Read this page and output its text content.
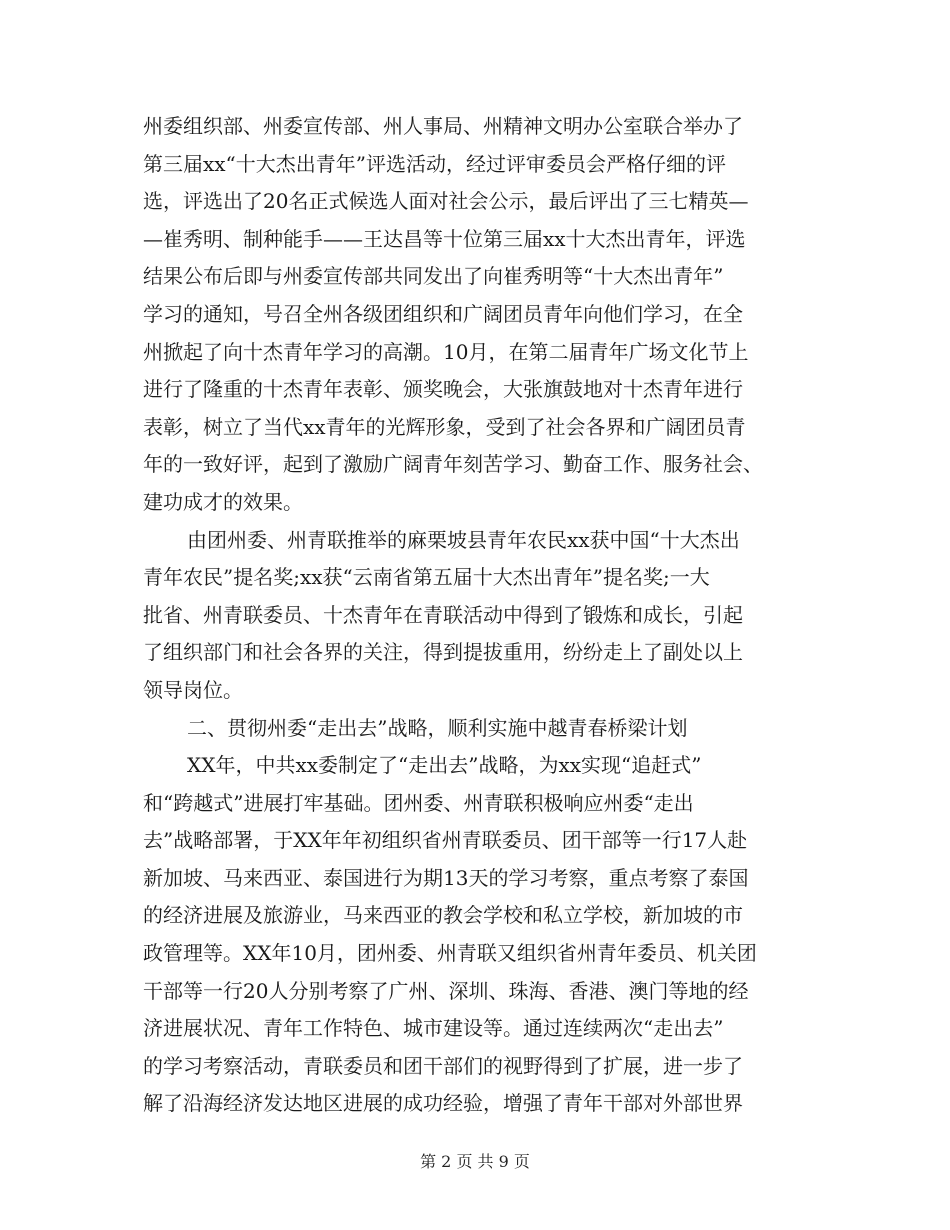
州委组织部、州委宣传部、州人事局、州精神文明办公室联合举办了
第三届xx“十大杰出青年”评选活动，经过评审委员会严格仔细的评
选，评选出了20名正式候选人面对社会公示，最后评出了三七精英—
—崔秀明、制种能手——王达昌等十位第三届xx十大杰出青年，评选
结果公布后即与州委宣传部共同发出了向崔秀明等“十大杰出青年”
学习的通知，号召全州各级团组织和广阔团员青年向他们学习，在全
州掀起了向十杰青年学习的高潮。10月，在第二届青年广场文化节上
进行了隆重的十杰青年表彰、颁奖晚会，大张旗鼓地对十杰青年进行
表彰，树立了当代xx青年的光辉形象，受到了社会各界和广阔团员青
年的一致好评，起到了激励广阔青年刻苦学习、勤奋工作、服务社会、
建功成才的效果。
由团州委、州青联推举的麻栗坡县青年农民xx获中国“十大杰出
青年农民”提名奖;xx获“云南省第五届十大杰出青年”提名奖;一大
批省、州青联委员、十杰青年在青联活动中得到了锻炼和成长，引起
了组织部门和社会各界的关注，得到提拔重用，纷纷走上了副处以上
领导岗位。
二、贯彻州委“走出去”战略，顺利实施中越青春桥梁计划
XX年，中共xx委制定了“走出去”战略，为xx实现“追赶式”
和“跨越式”进展打牢基础。团州委、州青联积极响应州委“走出
去”战略部署，于XX年年初组织省州青联委员、团干部等一行17人赴
新加坡、马来西亚、泰国进行为期13天的学习考察，重点考察了泰国
的经济进展及旅游业，马来西亚的教会学校和私立学校，新加坡的市
政管理等。XX年10月，团州委、州青联又组织省州青年委员、机关团
干部等一行20人分别考察了广州、深圳、珠海、香港、澳门等地的经
济进展状况、青年工作特色、城市建设等。通过连续两次“走出去”
的学习考察活动，青联委员和团干部们的视野得到了扩展，进一步了
解了沿海经济发达地区进展的成功经验，增强了青年干部对外部世界
第 2 页 共 9 页
